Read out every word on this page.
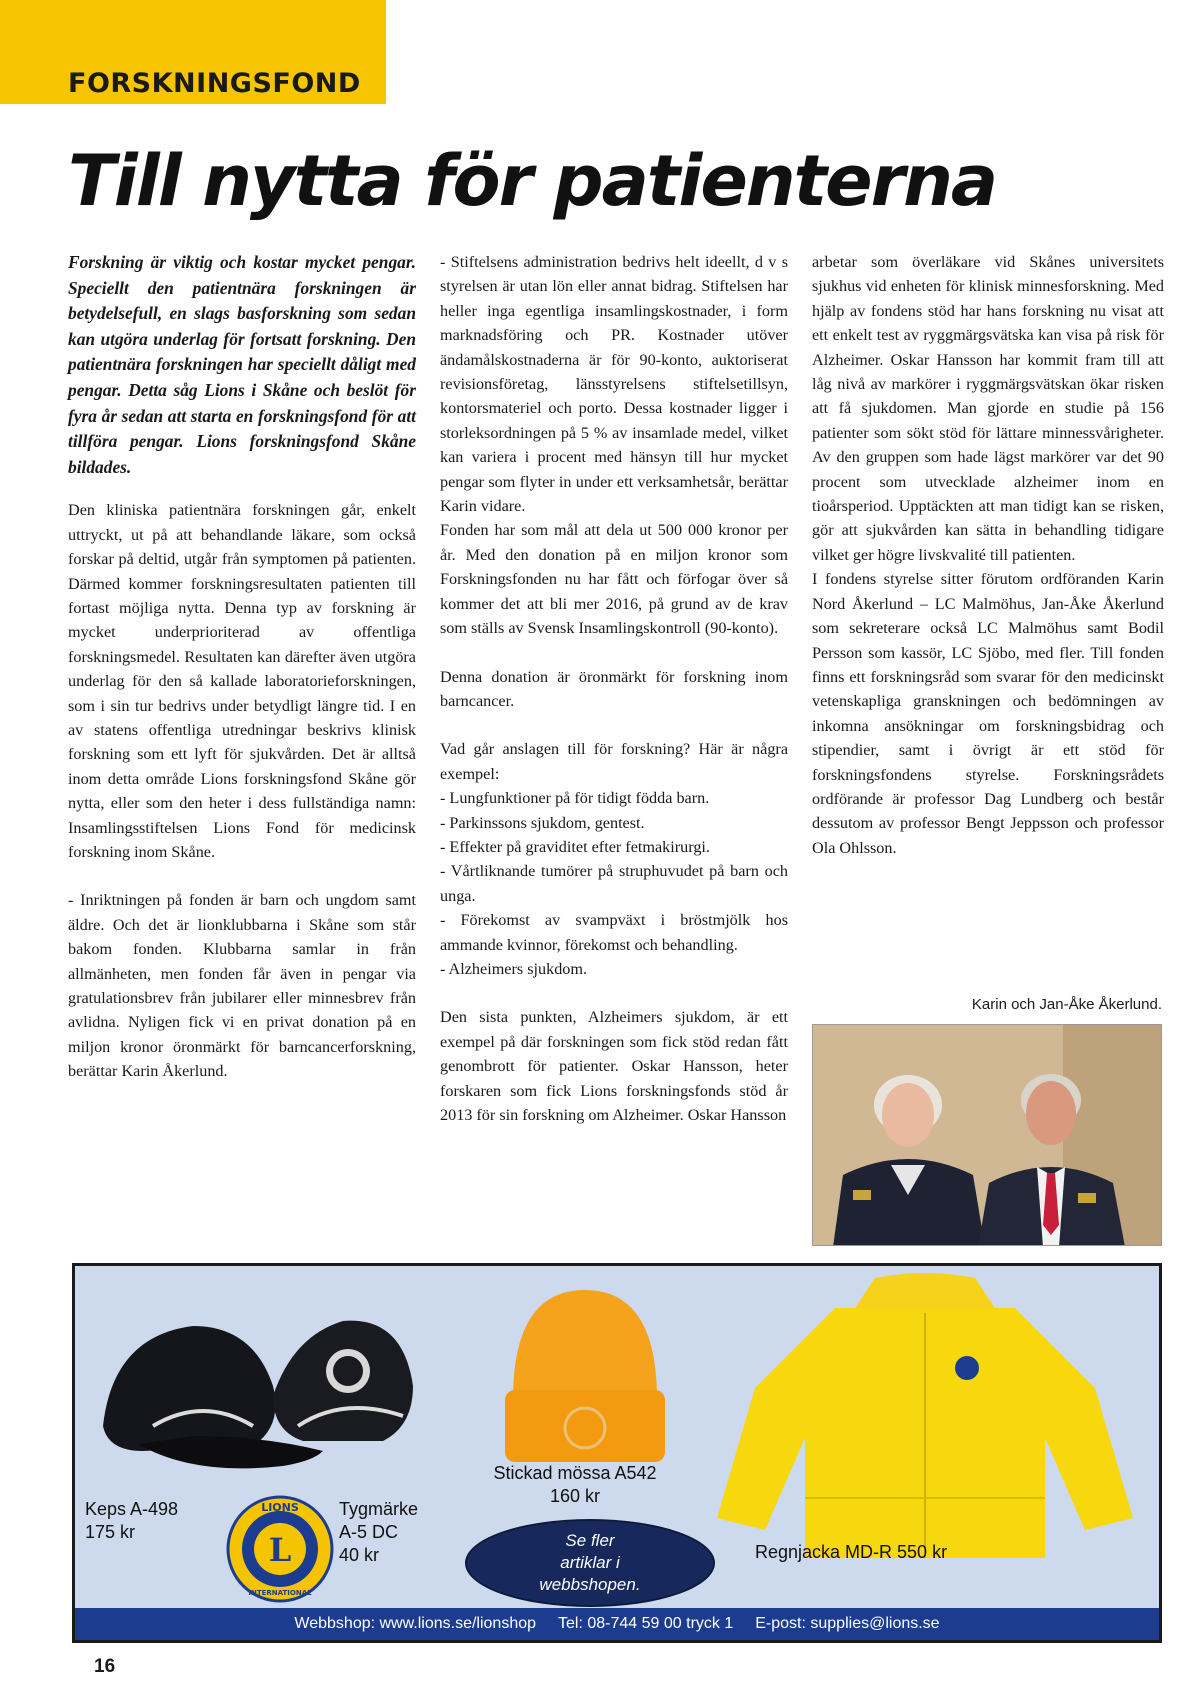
FORSKNINGSFOND
Till nytta för patienterna

Forskning är viktig och kostar mycket pengar. Speciellt den patientnära forskningen är betydelsefull, en slags basforskning som sedan kan utgöra underlag för fortsatt forskning. Den patientnära forskningen har speciellt dåligt med pengar. Detta såg Lions i Skåne och beslöt för fyra år sedan att starta en forskningsfond för att tillföra pengar. Lions forskningsfond Skåne bildades.

Den kliniska patientnära forskningen går, enkelt uttryckt, ut på att behandlande läkare, som också forskar på deltid, utgår från symptomen på patienten. Därmed kommer forskningsresultaten patienten till fortast möjliga nytta. Denna typ av forskning är mycket underprioriterad av offentliga forskningsmedel. Resultaten kan därefter även utgöra underlag för den så kallade laboratorieforskningen, som i sin tur bedrivs under betydligt längre tid. I en av statens offentliga utredningar beskrivs klinisk forskning som ett lyft för sjukvården. Det är alltså inom detta område Lions forskningsfond Skåne gör nytta, eller som den heter i dess fullständiga namn: Insamlingsstiftelsen Lions Fond för medicinsk forskning inom Skåne.

- Inriktningen på fonden är barn och ungdom samt äldre. Och det är lionklubbarna i Skåne som står bakom fonden. Klubbarna samlar in från allmänheten, men fonden får även in pengar via gratulationsbrev från jubilarer eller minnesbrev från avlidna. Nyligen fick vi en privat donation på en miljon kronor öronmärkt för barncancerforskning, berättar Karin Åkerlund.

- Stiftelsens administration bedrivs helt ideellt, d v s styrelsen är utan lön eller annat bidrag. Stiftelsen har heller inga egentliga insamlingskostnader, i form marknadsföring och PR. Kostnader utöver ändamålskostnaderna är för 90-konto, auktoriserat revisionsföretag, länsstyrelsens stiftelsetillsyn, kontorsmateriel och porto. Dessa kostnader ligger i storleksordningen på 5 % av insamlade medel, vilket kan variera i procent med hänsyn till hur mycket pengar som flyter in under ett verksamhetsår, berättar Karin vidare.

Fonden har som mål att dela ut 500 000 kronor per år. Med den donation på en miljon kronor som Forskningsfonden nu har fått och förfogar över så kommer det att bli mer 2016, på grund av de krav som ställs av Svensk Insamlingskontroll (90-konto).

Denna donation är öronmärkt för forskning inom barncancer.

Vad går anslagen till för forskning? Här är några exempel:

- Lungfunktioner på för tidigt födda barn.

- Parkinssons sjukdom, gentest.

- Effekter på graviditet efter fetmakirurgi.

- Vårtliknande tumörer på struphuvudet på barn och unga.

- Förekomst av svampväxt i bröstmjölk hos ammande kvinnor, förekomst och behandling.

- Alzheimers sjukdom.

Den sista punkten, Alzheimers sjukdom, är ett exempel på där forskningen som fick stöd redan fått genombrott för patienter. Oskar Hansson, heter forskaren som fick Lions forskningsfonds stöd år 2013 för sin forskning om Alzheimer. Oskar Hansson

arbetar som överläkare vid Skånes universitets sjukhus vid enheten för klinisk minnesforskning. Med hjälp av fondens stöd har hans forskning nu visat att ett enkelt test av ryggmärgsvätska kan visa på risk för Alzheimer. Oskar Hansson har kommit fram till att låg nivå av markörer i ryggmärgsvätskan ökar risken att få sjukdomen. Man gjorde en studie på 156 patienter som sökt stöd för lättare minnessvårigheter. Av den gruppen som hade lägst markörer var det 90 procent som utvecklade alzheimer inom en tioårsperiod. Upptäckten att man tidigt kan se risken, gör att sjukvården kan sätta in behandling tidigare vilket ger högre livskvalité till patienten.

I fondens styrelse sitter förutom ordföranden Karin Nord Åkerlund – LC Malmöhus, Jan-Åke Åkerlund som sekreterare också LC Malmöhus samt Bodil Persson som kassör, LC Sjöbo, med fler. Till fonden finns ett forskningsråd som svarar för den medicinskt vetenskapliga granskningen och bedömningen av inkomna ansökningar om forskningsbidrag och stipendier, samt i övrigt är ett stöd för forskningsfondens styrelse. Forskningsrådets ordförande är professor Dag Lundberg och består dessutom av professor Bengt Jeppsson och professor Ola Ohlsson.

Karin och Jan-Åke Åkerlund.
Keps A-498
175 kr	L
LIONS
INTERNATIONAL
Tygmärke
A-5 DC
40 kr
Stickad mössa A542
160 kr
Se fler
artiklar i
webbshopen.
Regnjacka MD-R 550 kr
Webbshop: www.lions.se/lionshop Tel: 08-744 59 00 tryck 1 E-post: supplies@lions.se
16
